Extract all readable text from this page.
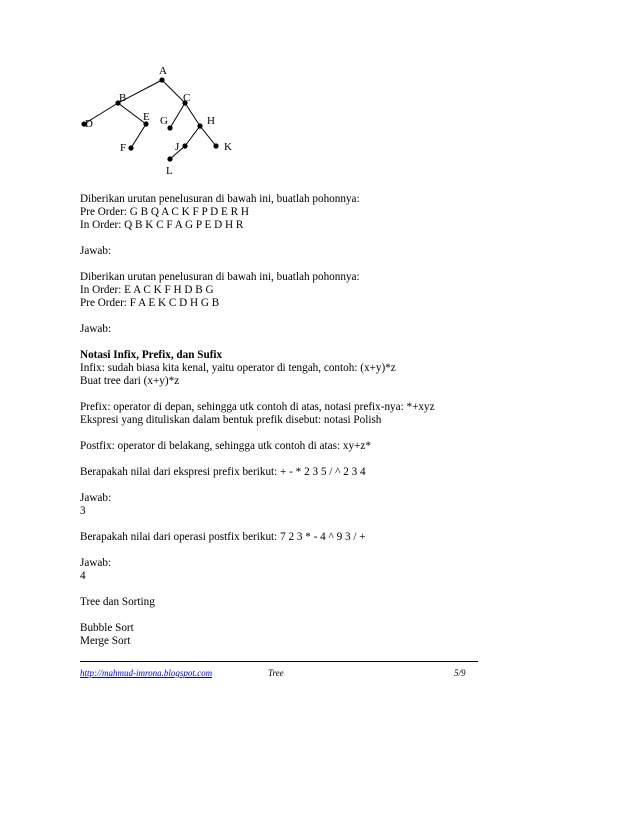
A
B	C
D
E
F
G	H
J	K
L
Diberikan urutan penelusuran di bawah ini, buatlah pohonnya:
Pre Order: G B Q A C K F P D E R H
In Order: Q B K C F A G P E D H R
Jawab:
Diberikan urutan penelusuran di bawah ini, buatlah pohonnya:
In Order: E A C K F H D B G
Pre Order: F A E K C D H G B
Jawab:
Notasi Infix, Prefix, dan Sufix
Infix: sudah biasa kita kenal, yaitu operator di tengah, contoh: (x+y)*z
Buat tree dari (x+y)*z
Prefix: operator di depan, sehingga utk contoh di atas, notasi prefix-nya: *+xyz
Ekspresi yang dituliskan dalam bentuk prefik disebut: notasi Polish
Postfix: operator di belakang, sehingga utk contoh di atas: xy+z*
Berapakah nilai dari ekspresi prefix berikut: + - * 2 3 5 / ^ 2 3 4
Jawab:
3
Berapakah nilai dari operasi postfix berikut: 7 2 3 * - 4 ^ 9 3 / +
Jawab:
4
Tree dan Sorting
Bubble Sort
Merge Sort
http://mahmud-imrona.blogspot.com	Tree	5/9
